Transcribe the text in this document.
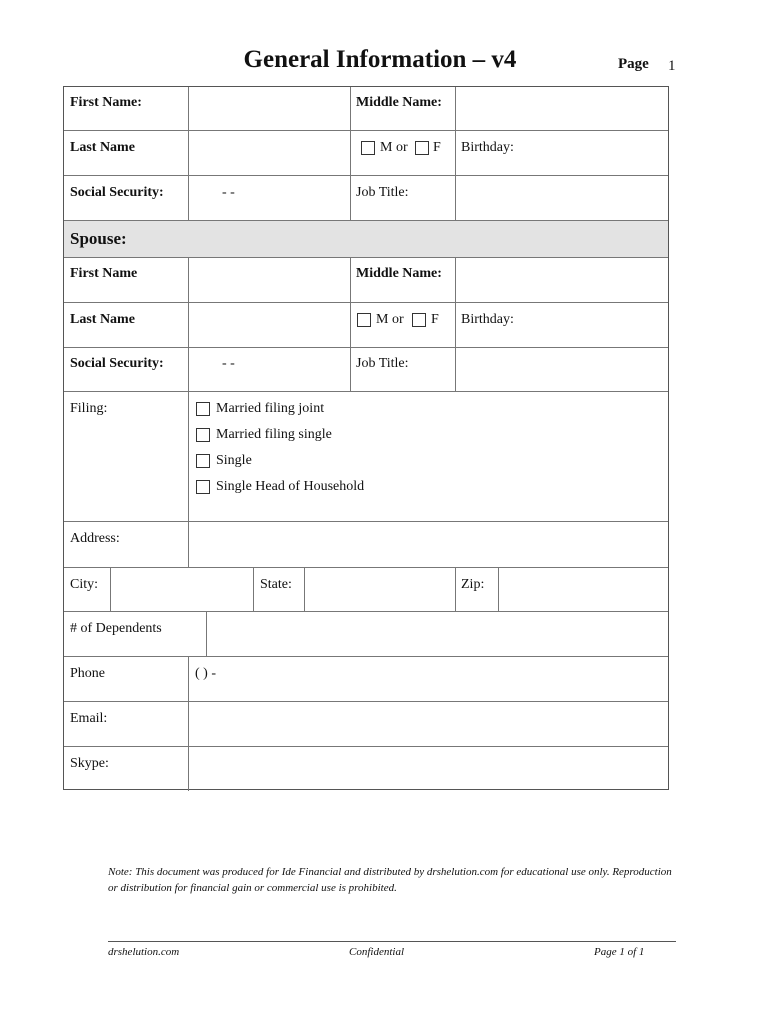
General Information – v4	Page 1
First Name:	Middle Name:
Last Name	M or F Birthday:
Social Security:	- -	Job Title:
Spouse:
First Name	Middle Name:
Last Name	M or F Birthday:
Social Security:	- -	Job Title:
Filing:	Married filing joint
Married filing single
Single
Single Head of Household
Address:
City:	State:	Zip:
# of Dependents
Phone	( ) -
Email:
Skype:
Note: This document was produced for Ide Financial and distributed by drshelution.com for educational use only. Reproduction or distribution for financial gain or commercial use is prohibited.
drshelution.com	Confidential	Page 1 of 1
